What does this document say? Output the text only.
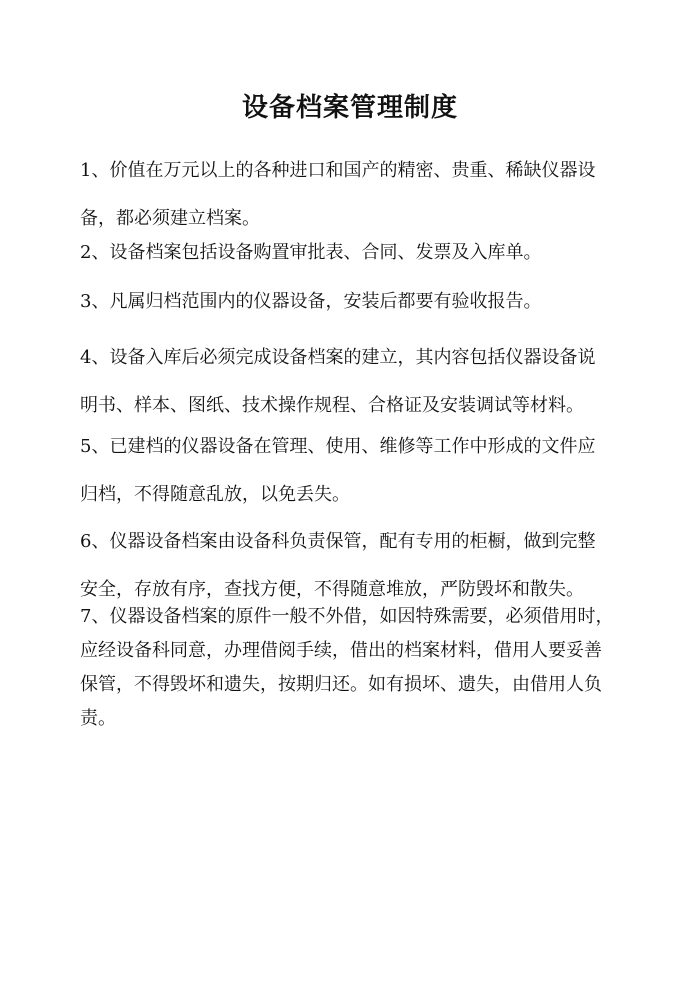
设备档案管理制度
1、价值在万元以上的各种进口和国产的精密、贵重、稀缺仪器设
备，都必须建立档案。
2、设备档案包括设备购置审批表、合同、发票及入库单。
3、凡属归档范围内的仪器设备，安装后都要有验收报告。
4、设备入库后必须完成设备档案的建立，其内容包括仪器设备说
明书、样本、图纸、技术操作规程、合格证及安装调试等材料。
5、已建档的仪器设备在管理、使用、维修等工作中形成的文件应
归档，不得随意乱放，以免丢失。
6、仪器设备档案由设备科负责保管，配有专用的柜橱，做到完整
安全，存放有序，查找方便，不得随意堆放，严防毁坏和散失。
7、仪器设备档案的原件一般不外借，如因特殊需要，必须借用时，
应经设备科同意，办理借阅手续，借出的档案材料，借用人要妥善
保管，不得毁坏和遗失，按期归还。如有损坏、遗失，由借用人负
责。
